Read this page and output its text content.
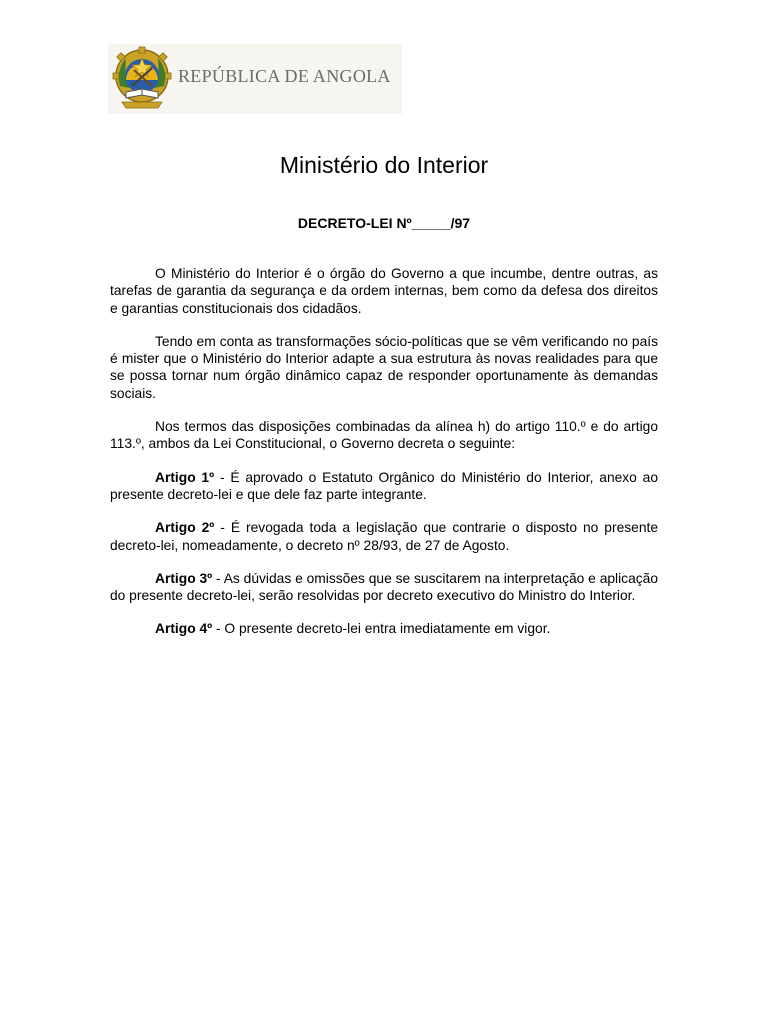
REPÚBLICA DE ANGOLA
Ministério do Interior
DECRETO-LEI Nº_____/97

O Ministério do Interior é o órgão do Governo a que incumbe, dentre outras, as tarefas de garantia da segurança e da ordem internas, bem como da defesa dos direitos e garantias constitucionais dos cidadãos.

Tendo em conta as transformações sócio-políticas que se vêm verificando no país é mister que o Ministério do Interior adapte a sua estrutura às novas realidades para que se possa tornar num órgão dinâmico capaz de responder oportunamente às demandas sociais.

Nos termos das disposições combinadas da alínea h) do artigo 110.º e do artigo 113.º, ambos da Lei Constitucional, o Governo decreta o seguinte:

Artigo 1º - É aprovado o Estatuto Orgânico do Ministério do Interior, anexo ao presente decreto-lei e que dele faz parte integrante.

Artigo 2º - É revogada toda a legislação que contrarie o disposto no presente decreto-lei, nomeadamente, o decreto nº 28/93, de 27 de Agosto.

Artigo 3º - As dúvidas e omissões que se suscitarem na interpretação e aplicação do presente decreto-lei, serão resolvidas por decreto executivo do Ministro do Interior.

Artigo 4º - O presente decreto-lei entra imediatamente em vigor.
